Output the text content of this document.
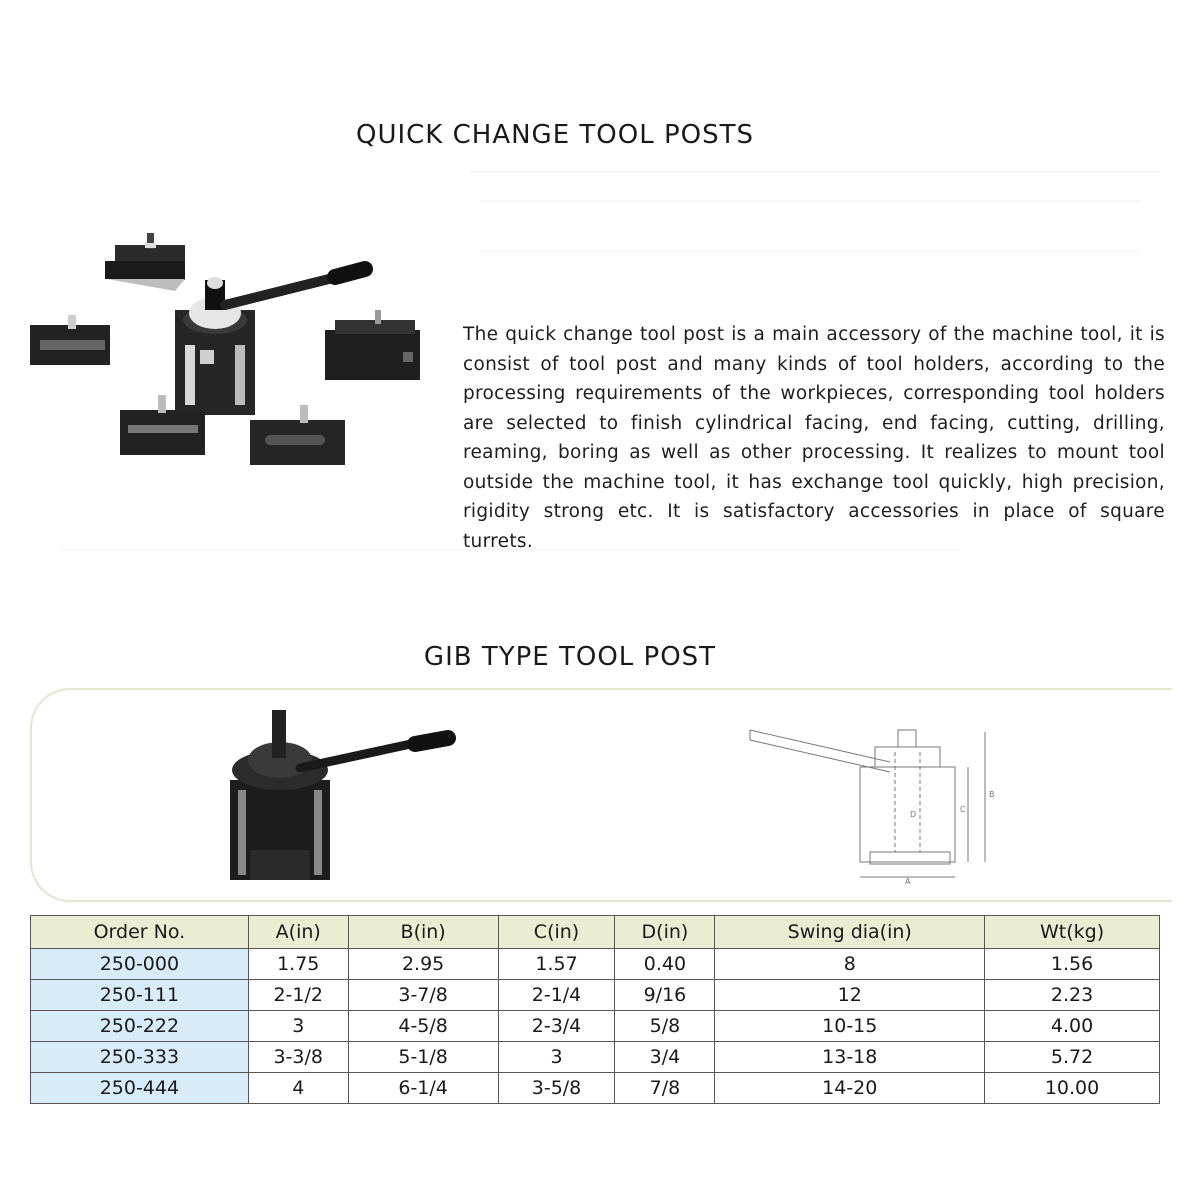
QUICK CHANGE TOOL POSTS
The quick change tool post is a main accessory of the machine tool, it is consist of tool post and many kinds of tool holders, according to the processing requirements of the workpieces, corresponding tool holders are selected to finish cylindrical facing, end facing, cutting, drilling, reaming, boring as well as other processing. It realizes to mount tool outside the machine tool, it has exchange tool quickly, high precision, rigidity strong etc. It is satisfactory accessories in place of square turrets.
GIB TYPE TOOL POST
A
B
C
D
Order No.	A(in)	B(in)	C(in)	D(in)	Swing dia(in)	Wt(kg)
250-000	1.75	2.95	1.57	0.40	8	1.56
250-111	2-1/2	3-7/8	2-1/4	9/16	12	2.23
250-222	3	4-5/8	2-3/4	5/8	10-15	4.00
250-333	3-3/8	5-1/8	3	3/4	13-18	5.72
250-444	4	6-1/4	3-5/8	7/8	14-20	10.00
